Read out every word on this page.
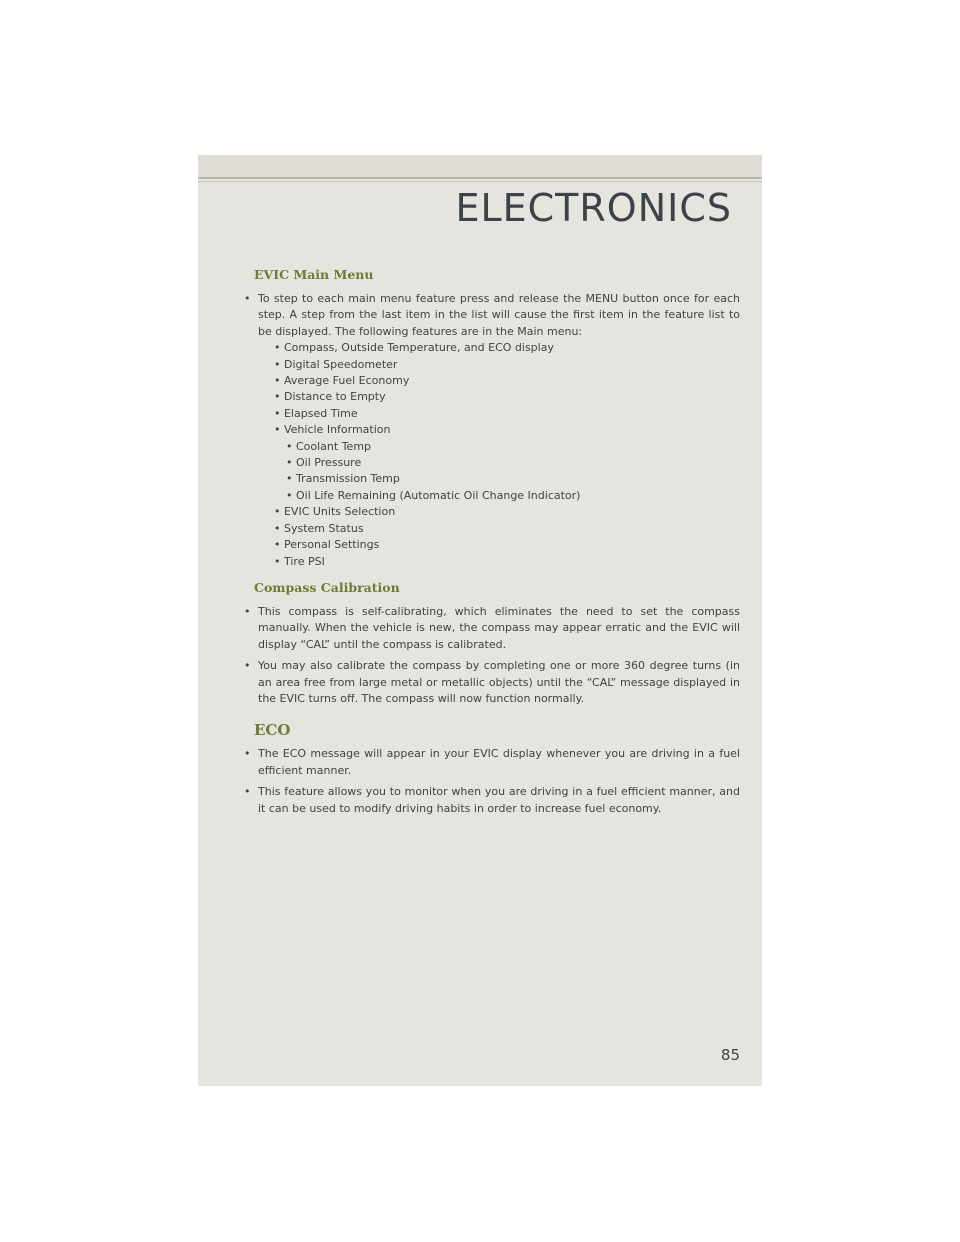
ELECTRONICS
EVIC Main Menu

• To step to each main menu feature press and release the MENU button once for each step. A step from the last item in the list will cause the first item in the feature list to be displayed. The following features are in the Main menu:

• Compass, Outside Temperature, and ECO display

• Digital Speedometer

• Average Fuel Economy

• Distance to Empty

• Elapsed Time

• Vehicle Information

• Coolant Temp

• Oil Pressure

• Transmission Temp

• Oil Life Remaining (Automatic Oil Change Indicator)

• EVIC Units Selection

• System Status

• Personal Settings

• Tire PSI

Compass Calibration

• This compass is self-calibrating, which eliminates the need to set the compass manually. When the vehicle is new, the compass may appear erratic and the EVIC will display “CAL” until the compass is calibrated.

• You may also calibrate the compass by completing one or more 360 degree turns (in an area free from large metal or metallic objects) until the “CAL” message displayed in the EVIC turns off. The compass will now function normally.

ECO

• The ECO message will appear in your EVIC display whenever you are driving in a fuel efficient manner.

• This feature allows you to monitor when you are driving in a fuel efficient manner, and it can be used to modify driving habits in order to increase fuel economy.

85
